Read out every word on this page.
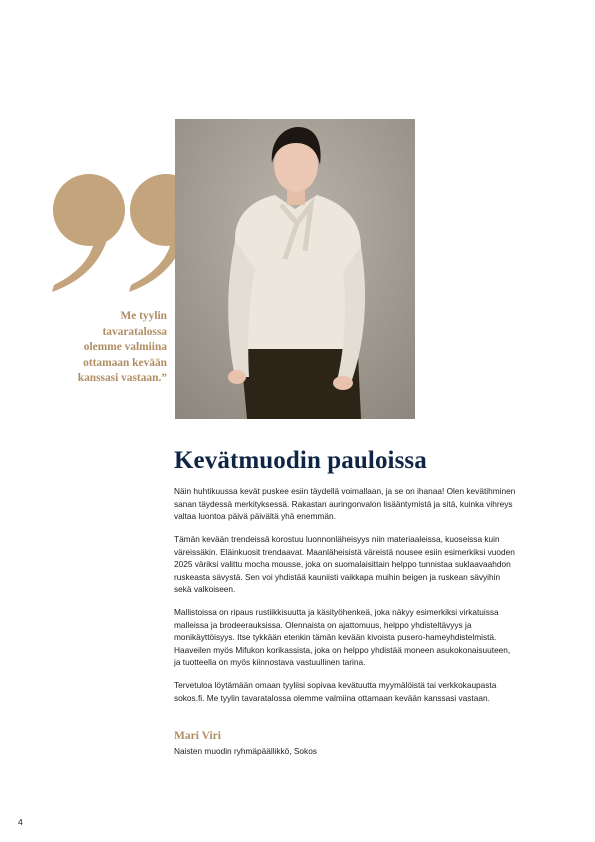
Me tyylin
tavaratalossa
olemme valmiina
ottamaan kevään
kanssasi vastaan.”
Kevätmuodin pauloissa

Näin huhtikuussa kevät puskee esiin täydellä voimallaan, ja se on ihanaa! Olen kevätihminen
sanan täydessä merkityksessä. Rakastan auringonvalon lisääntymistä ja sitä, kuinka vihreys
valtaa luontoa päivä päivältä yhä enemmän.

Tämän kevään trendeissä korostuu luonnonläheisyys niin materiaaleissa, kuoseissa kuin
väreissäkin. Eläinkuosit trendaavat. Maanläheisistä väreistä nousee esiin esimerkiksi vuoden
2025 väriksi valittu mocha mousse, joka on suomalaisittain helppo tunnistaa suklaavaahdon
ruskeasta sävystä. Sen voi yhdistää kauniisti vaikkapa muihin beigen ja ruskean sävyihin
sekä valkoiseen.

Mallistoissa on ripaus rustiikkisuutta ja käsityöhenkeä, joka näkyy esimerkiksi virkatuissa
malleissa ja brodeerauksissa. Olennaista on ajattomuus, helppo yhdisteltävyys ja
monikäyttöisyys. Itse tykkään etenkin tämän kevään kivoista pusero-hameyhdistelmistä.
Haaveilen myös Mifukon korikassista, joka on helppo yhdistää moneen asukokonaisuuteen,
ja tuotteella on myös kiinnostava vastuullinen tarina.

Tervetuloa löytämään omaan tyyliisi sopivaa kevätuutta myymälöistä tai verkkokaupasta
sokos.fi. Me tyylin tavaratalossa olemme valmiina ottamaan kevään kanssasi vastaan.

Mari Viri
Naisten muodin ryhmäpäällikkö, Sokos
4
